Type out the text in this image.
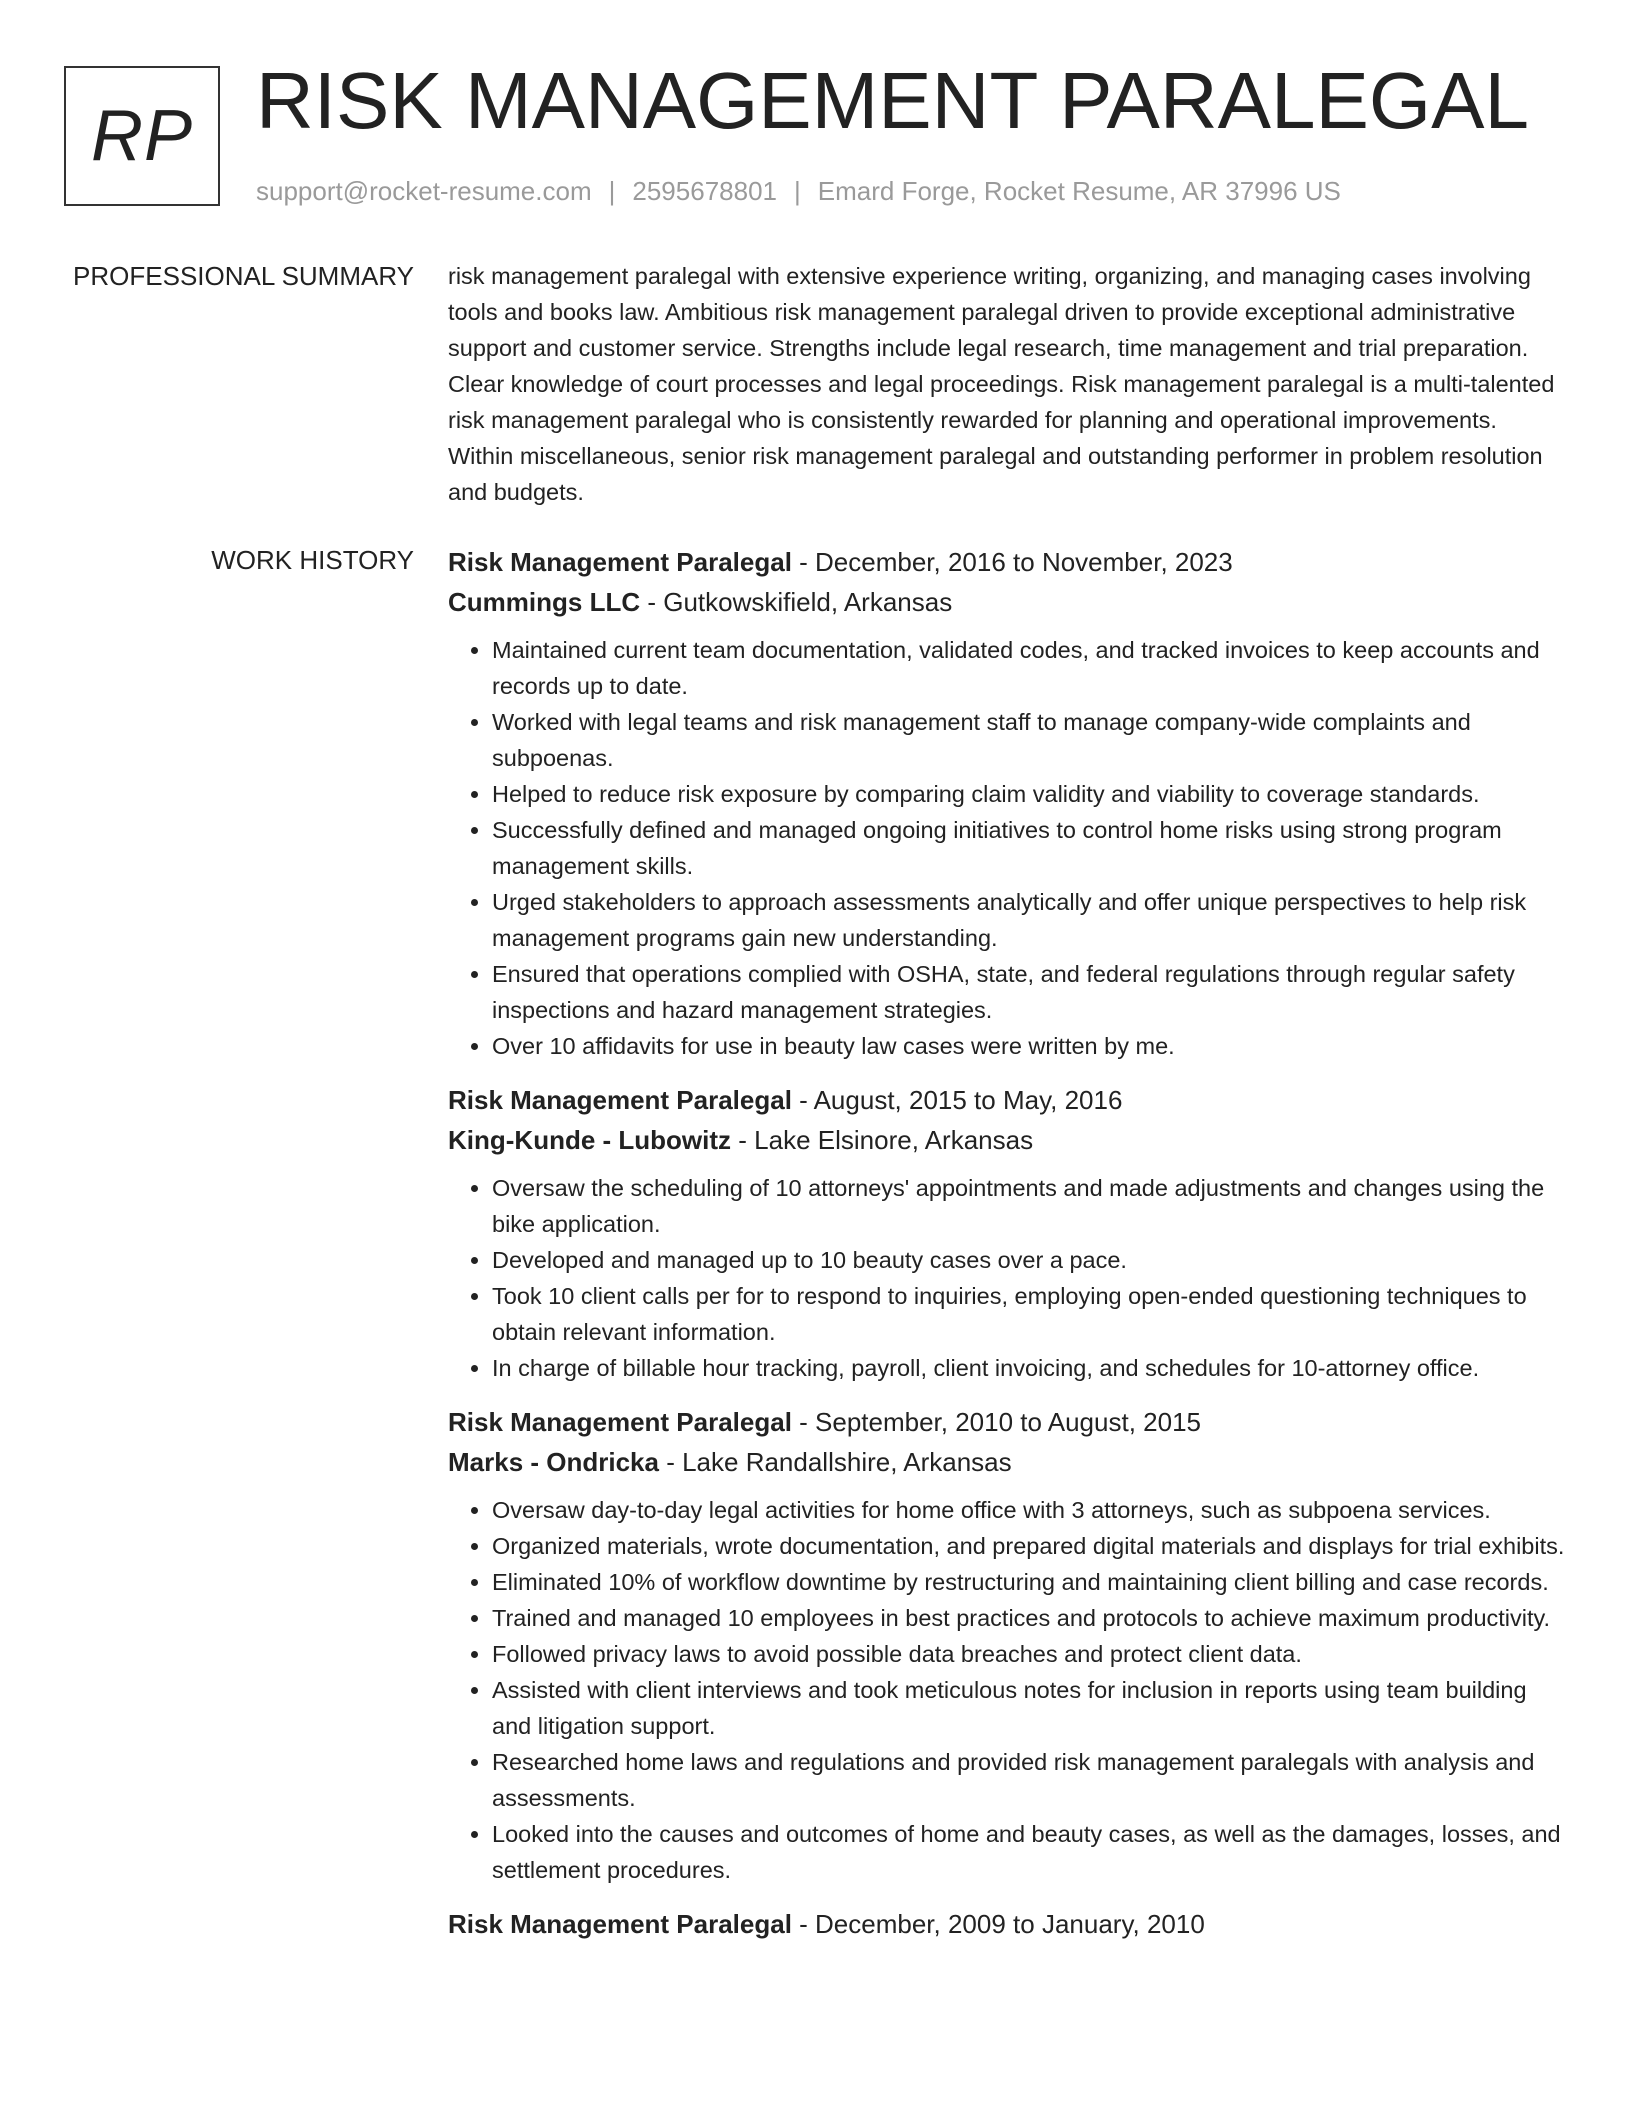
RP RISK MANAGEMENT PARALEGAL
support@rocket-resume.com | 2595678801 | Emard Forge, Rocket Resume, AR 37996 US
PROFESSIONAL SUMMARY risk management paralegal with extensive experience writing, organizing, and managing cases involving tools and books law. Ambitious risk management paralegal driven to provide exceptional administrative support and customer service. Strengths include legal research, time management and trial preparation. Clear knowledge of court processes and legal proceedings. Risk management paralegal is a multi-talented risk management paralegal who is consistently rewarded for planning and operational improvements. Within miscellaneous, senior risk management paralegal and outstanding performer in problem resolution and budgets.

WORK HISTORY Risk Management Paralegal - December, 2016 to November, 2023
Cummings LLC - Gutkowskifield, Arkansas
• Maintained current team documentation, validated codes, and tracked invoices to keep accounts and records up to date.
• Worked with legal teams and risk management staff to manage company-wide complaints and subpoenas.
• Helped to reduce risk exposure by comparing claim validity and viability to coverage standards.
• Successfully defined and managed ongoing initiatives to control home risks using strong program management skills.
• Urged stakeholders to approach assessments analytically and offer unique perspectives to help risk management programs gain new understanding.
• Ensured that operations complied with OSHA, state, and federal regulations through regular safety inspections and hazard management strategies.
• Over 10 affidavits for use in beauty law cases were written by me.
Risk Management Paralegal - August, 2015 to May, 2016
King-Kunde - Lubowitz - Lake Elsinore, Arkansas
• Oversaw the scheduling of 10 attorneys' appointments and made adjustments and changes using the bike application.
• Developed and managed up to 10 beauty cases over a pace.
• Took 10 client calls per for to respond to inquiries, employing open-ended questioning techniques to obtain relevant information.
• In charge of billable hour tracking, payroll, client invoicing, and schedules for 10-attorney office.
Risk Management Paralegal - September, 2010 to August, 2015
Marks - Ondricka - Lake Randallshire, Arkansas
• Oversaw day-to-day legal activities for home office with 3 attorneys, such as subpoena services.
• Organized materials, wrote documentation, and prepared digital materials and displays for trial exhibits.
• Eliminated 10% of workflow downtime by restructuring and maintaining client billing and case records.
• Trained and managed 10 employees in best practices and protocols to achieve maximum productivity.
• Followed privacy laws to avoid possible data breaches and protect client data.
• Assisted with client interviews and took meticulous notes for inclusion in reports using team building and litigation support.
• Researched home laws and regulations and provided risk management paralegals with analysis and assessments.
• Looked into the causes and outcomes of home and beauty cases, as well as the damages, losses, and settlement procedures.
Risk Management Paralegal - December, 2009 to January, 2010
